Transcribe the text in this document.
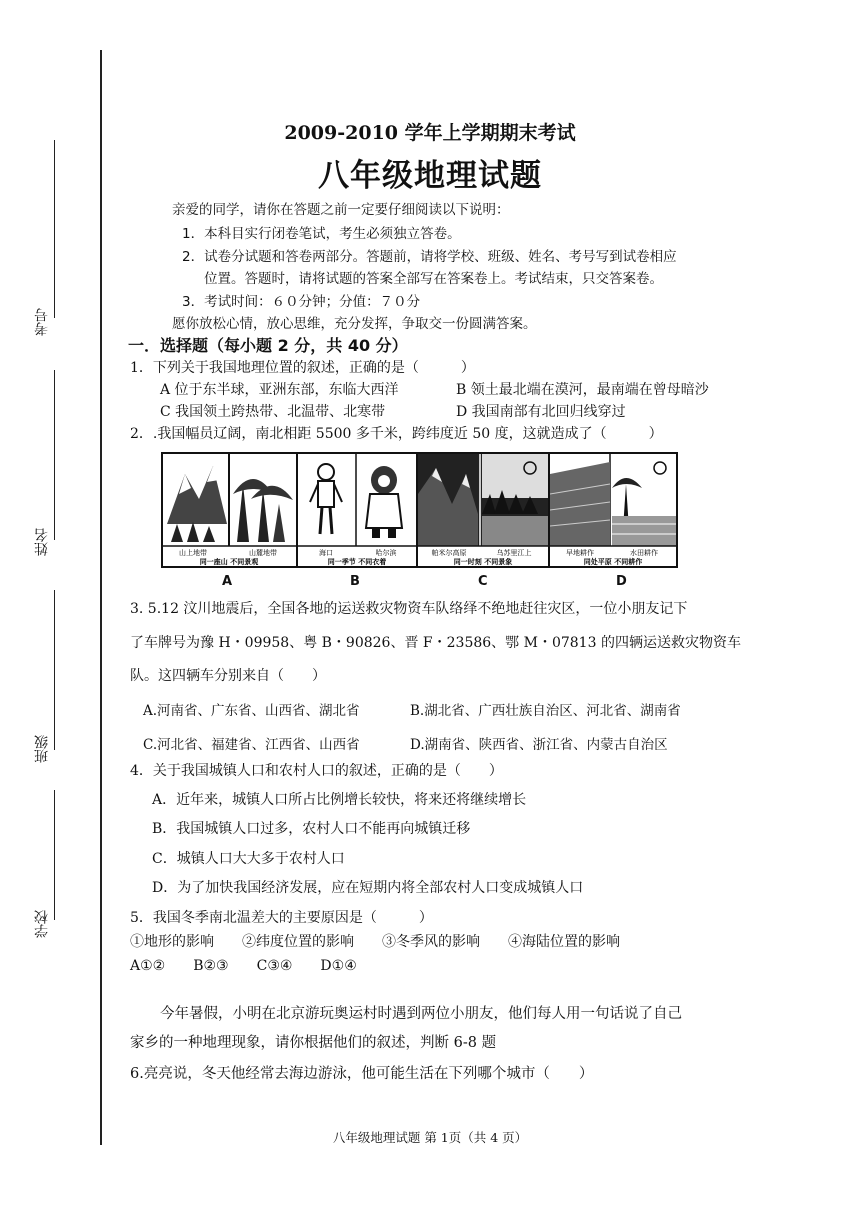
考号
姓名
班级
学校
2009-2010 学年上学期期末考试
八年级地理试题
亲爱的同学，请你在答题之前一定要仔细阅读以下说明：
1．本科目实行闭卷笔试，考生必须独立答卷。
2．试卷分试题和答卷两部分。答题前，请将学校、班级、姓名、考号写到试卷相应
位置。答题时，请将试题的答案全部写在答案卷上。考试结束，只交答案卷。
3．考试时间：６０分钟；分值：７０分
愿你放松心情，放心思维，充分发挥，争取交一份圆满答案。
一．选择题（每小题 2 分，共 40 分）
1．下列关于我国地理位置的叙述，正确的是（　　　）
A 位于东半球，亚洲东部，东临大西洋	B 领土最北端在漠河，最南端在曾母暗沙
C 我国领土跨热带、北温带、北寒带	D 我国南部有北回归线穿过
2．.我国幅员辽阔，南北相距 5500 多千米，跨纬度近 50 度，这就造成了（　　　）
山上地带	山麓地带
同一座山 不同景观
海口	哈尔滨
同一季节 不同衣着
帕米尔高原	乌苏里江上
同一时刻 不同景象
早地耕作	水田耕作
同处平原 不同耕作
A	B	C	D
3. 5.12 汶川地震后，全国各地的运送救灾物资车队络绎不绝地赶往灾区，一位小朋友记下
了车牌号为豫 H・09958、粤 B・90826、晋 F・23586、鄂 M・07813 的四辆运送救灾物资车
队。这四辆车分别来自（　　）
A.河南省、广东省、山西省、湖北省	B.湖北省、广西壮族自治区、河北省、湖南省
C.河北省、福建省、江西省、山西省	D.湖南省、陕西省、浙江省、内蒙古自治区
4．关于我国城镇人口和农村人口的叙述，正确的是（　　）
A．近年来，城镇人口所占比例增长较快，将来还将继续增长
B．我国城镇人口过多，农村人口不能再向城镇迁移
C．城镇人口大大多于农村人口
D．为了加快我国经济发展，应在短期内将全部农村人口变成城镇人口
5．我国冬季南北温差大的主要原因是（　　　）
①地形的影响　　②纬度位置的影响　　③冬季风的影响　　④海陆位置的影响
A①②　　B②③　　C③④　　D①④
今年暑假，小明在北京游玩奥运村时遇到两位小朋友，他们每人用一句话说了自己
家乡的一种地理现象，请你根据他们的叙述，判断 6-8 题
6.亮亮说，冬天他经常去海边游泳，他可能生活在下列哪个城市（　　）
八年级地理试题 第 1页（共 4 页）
